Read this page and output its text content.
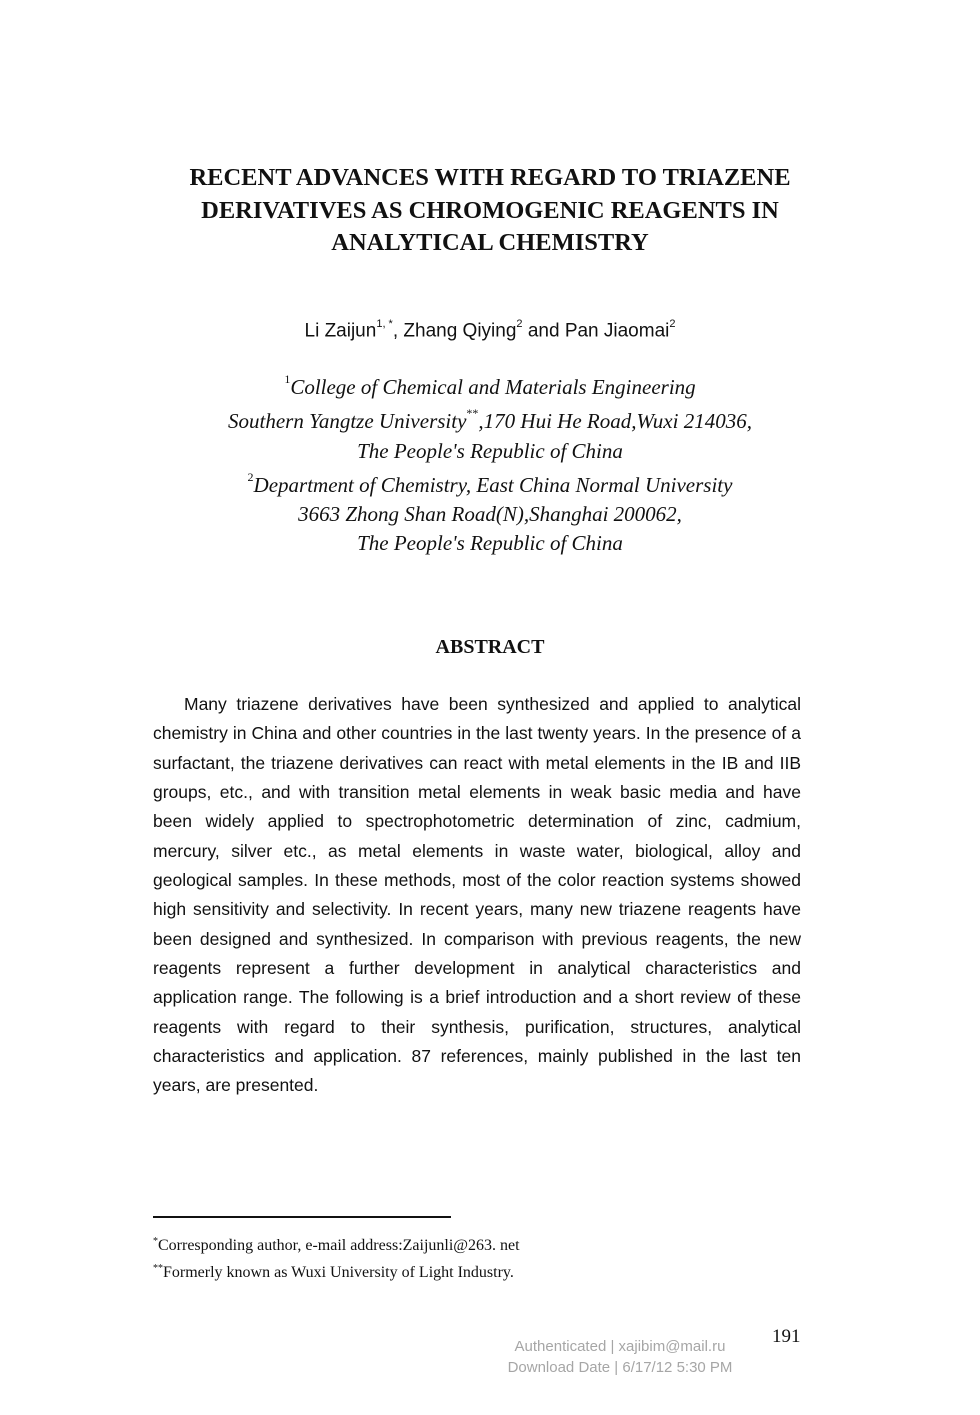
RECENT ADVANCES WITH REGARD TO TRIAZENE
DERIVATIVES AS CHROMOGENIC REAGENTS IN
ANALYTICAL CHEMISTRY
Li Zaijun$^{1, *}$, Zhang Qiying$^2$ and Pan Jiaomai$^2$
$^1$College of Chemical and Materials Engineering
Southern Yangtze University**,170 Hui He Road,Wuxi 214036,
The People's Republic of China
$^2$Department of Chemistry, East China Normal University
3663 Zhong Shan Road(N),Shanghai 200062,
The People's Republic of China
ABSTRACT

Many triazene derivatives have been synthesized and applied to analytical chemistry in China and other countries in the last twenty years. In the presence of a surfactant, the triazene derivatives can react with metal elements in the IB and IIB groups, etc., and with transition metal elements in weak basic media and have been widely applied to spectrophotometric determination of zinc, cadmium, mercury, silver etc., as metal elements in waste water, biological, alloy and geological samples. In these methods, most of the color reaction systems showed high sensitivity and selectivity. In recent years, many new triazene reagents have been designed and synthesized. In comparison with previous reagents, the new reagents represent a further development in analytical characteristics and application range. The following is a brief introduction and a short review of these reagents with regard to their synthesis, purification, structures, analytical characteristics and application. 87 references, mainly published in the last ten years, are presented.

*Corresponding author, e-mail address:Zaijunli@263. net
**Formerly known as Wuxi University of Light Industry.
191
Authenticated | xajibim@mail.ru
Download Date | 6/17/12 5:30 PM
